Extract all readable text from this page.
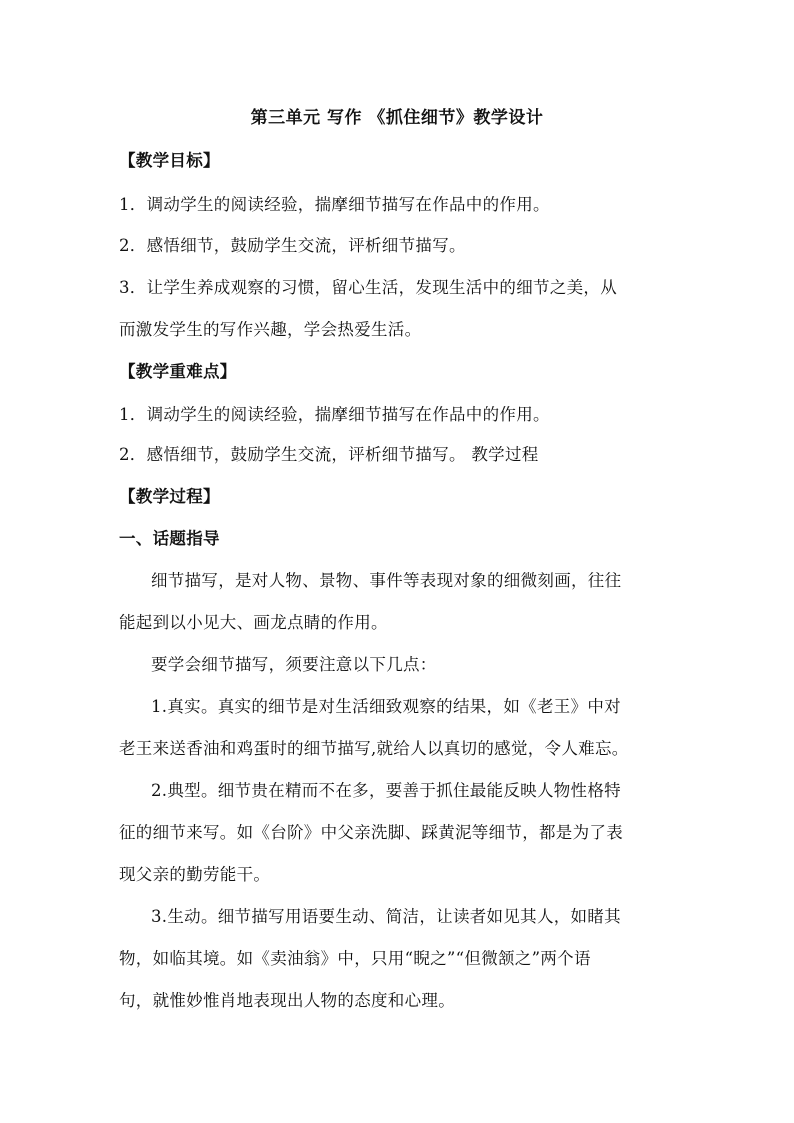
第三单元 写作 《抓住细节》教学设计
【教学目标】
1．调动学生的阅读经验，揣摩细节描写在作品中的作用。
2．感悟细节，鼓励学生交流，评析细节描写。
3．让学生养成观察的习惯，留心生活，发现生活中的细节之美，从
而激发学生的写作兴趣，学会热爱生活。
【教学重难点】
1．调动学生的阅读经验，揣摩细节描写在作品中的作用。
2．感悟细节，鼓励学生交流，评析细节描写。 教学过程
【教学过程】
一、话题指导
细节描写，是对人物、景物、事件等表现对象的细微刻画，往往
能起到以小见大、画龙点睛的作用。
要学会细节描写，须要注意以下几点：
1.真实。真实的细节是对生活细致观察的结果，如《老王》中对
老王来送香油和鸡蛋时的细节描写,就给人以真切的感觉，令人难忘。
2.典型。细节贵在精而不在多，要善于抓住最能反映人物性格特
征的细节来写。如《台阶》中父亲洗脚、踩黄泥等细节，都是为了表
现父亲的勤劳能干。
3.生动。细节描写用语要生动、简洁，让读者如见其人，如睹其
物，如临其境。如《卖油翁》中，只用“睨之”“但微颔之”两个语
句，就惟妙惟肖地表现出人物的态度和心理。
